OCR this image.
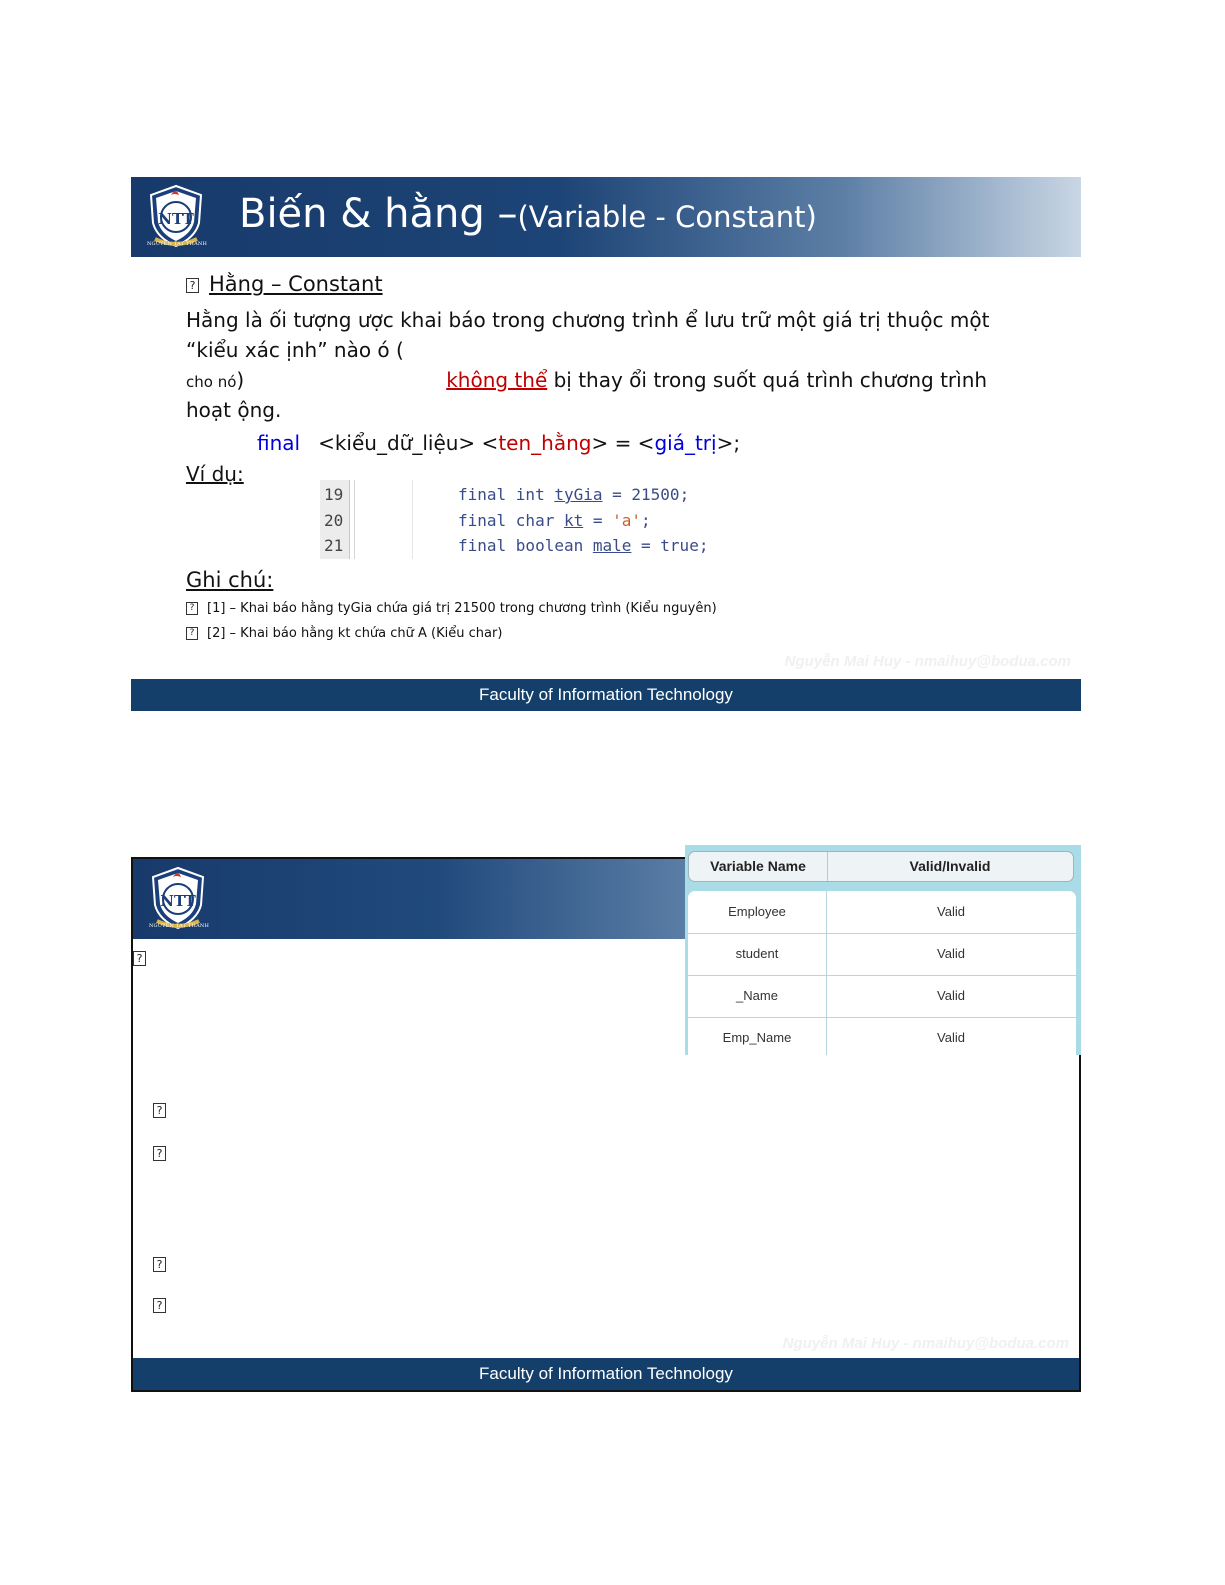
NTT
NGUYEN TAT THANH
Biến & hằng –(Variable - Constant)
? Hằng – Constant
Hằng là ối tượng ược khai báo trong chương trình ể lưu trữ một giá trị thuộc một
“kiểu xác ịnh” nào ó (
cho nó)	không thể bị thay ổi trong suốt quá trình chương trình
hoạt ộng.
final <kiểu_dữ_liệu> <ten_hằng> = <giá_trị>;
Ví dụ:
19
20
21
final int tyGia = 21500;
final char kt = 'a';
final boolean male = true;
Ghi chú:
? [1] – Khai báo hằng tyGia chứa giá trị 21500 trong chương trình (Kiểu nguyên)
? [2] – Khai báo hằng kt chứa chữ A (Kiểu char)
Nguyễn Mai Huy - nmaihuy@bodua.com
Faculty of Information Technology
NTT
NGUYEN TAT THANH
?
?
?
?
?
Nguyễn Mai Huy - nmaihuy@bodua.com
Faculty of Information Technology
Variable Name	Valid/Invalid
Employee	Valid
student	Valid
_Name	Valid
Emp_Name	Valid
